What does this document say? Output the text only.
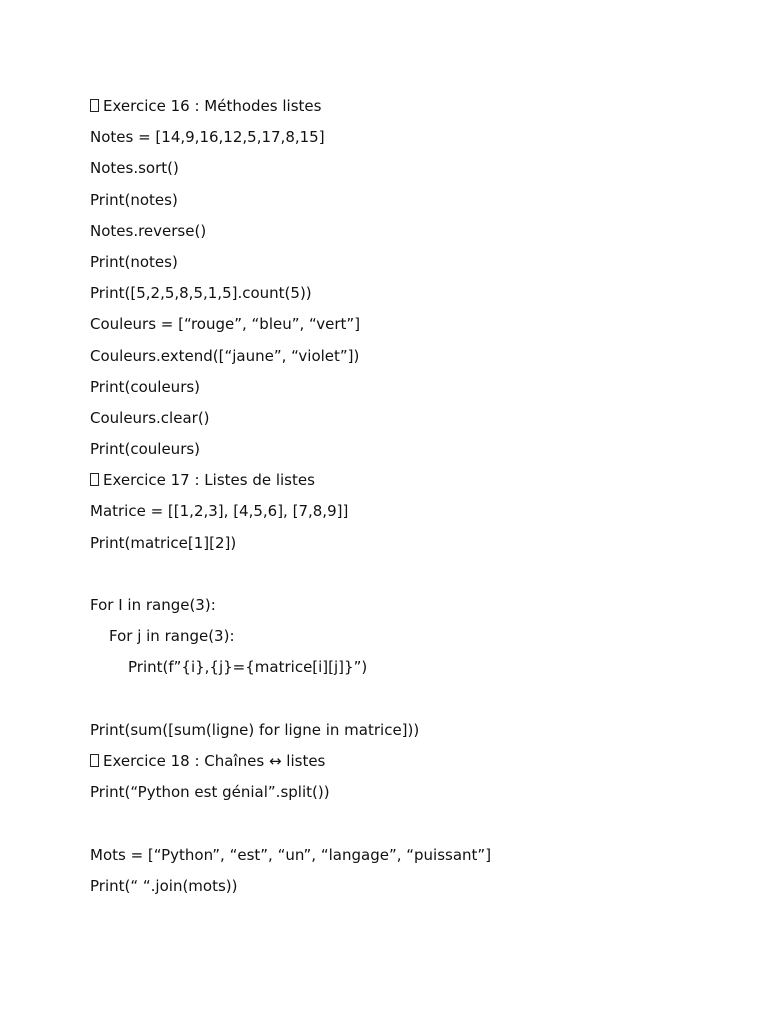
Exercice 16 : Méthodes listes
Notes = [14,9,16,12,5,17,8,15]
Notes.sort()
Print(notes)
Notes.reverse()
Print(notes)
Print([5,2,5,8,5,1,5].count(5))
Couleurs = [“rouge”, “bleu”, “vert”]
Couleurs.extend([“jaune”, “violet”])
Print(couleurs)
Couleurs.clear()
Print(couleurs)
Exercice 17 : Listes de listes
Matrice = [[1,2,3], [4,5,6], [7,8,9]]
Print(matrice[1][2])
For I in range(3):
For j in range(3):
Print(f”{i},{j}={matrice[i][j]}”)
Print(sum([sum(ligne) for ligne in matrice]))
Exercice 18 : Chaînes ↔ listes
Print(“Python est génial”.split())
Mots = [“Python”, “est”, “un”, “langage”, “puissant”]
Print(“ “.join(mots))
